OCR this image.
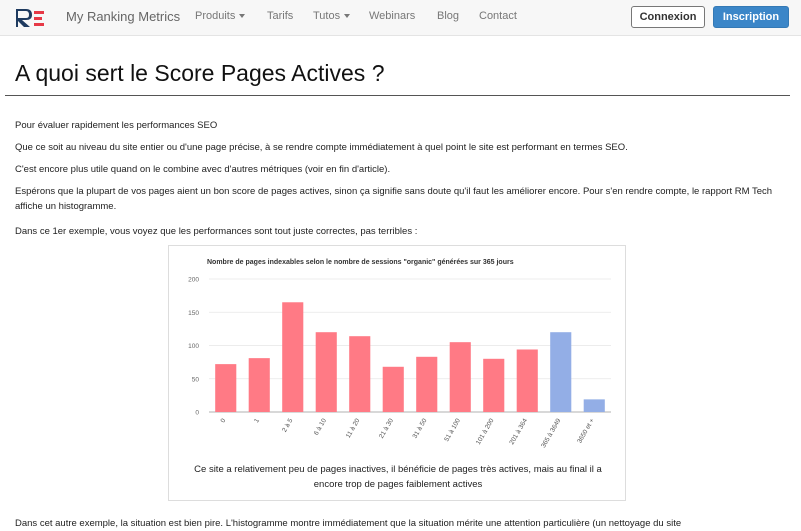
My Ranking Metrics Produits	Tarifs Tutos	Webinars Blog Contact	Connexion	Inscription
A quoi sert le Score Pages Actives ?

Pour évaluer rapidement les performances SEO

Que ce soit au niveau du site entier ou d'une page précise, à se rendre compte immédiatement à quel point le site est performant en termes SEO.

C'est encore plus utile quand on le combine avec d'autres métriques (voir en fin d'article).

Espérons que la plupart de vos pages aient un bon score de pages actives, sinon ça signifie sans doute qu'il faut les améliorer encore. Pour s'en rendre compte, le rapport RM Tech affiche un histogramme.

Dans ce 1er exemple, vous voyez que les performances sont tout juste correctes, pas terribles :

Nombre de pages indexables selon le nombre de sessions "organic" générées sur 365 jours
0
50
100
150
200
0	1	2 à 5	6 à 10	11 à 20	21 à 30	31 à 50 51 à 100 101 à 200 201 à 364 365 à 3649 3650 et +

Ce site a relativement peu de pages inactives, il bénéficie de pages très actives, mais au final il a encore trop de pages faiblement actives

Dans cet autre exemple, la situation est bien pire. L'histogramme montre immédiatement que la situation mérite une attention particulière (un nettoyage du site
